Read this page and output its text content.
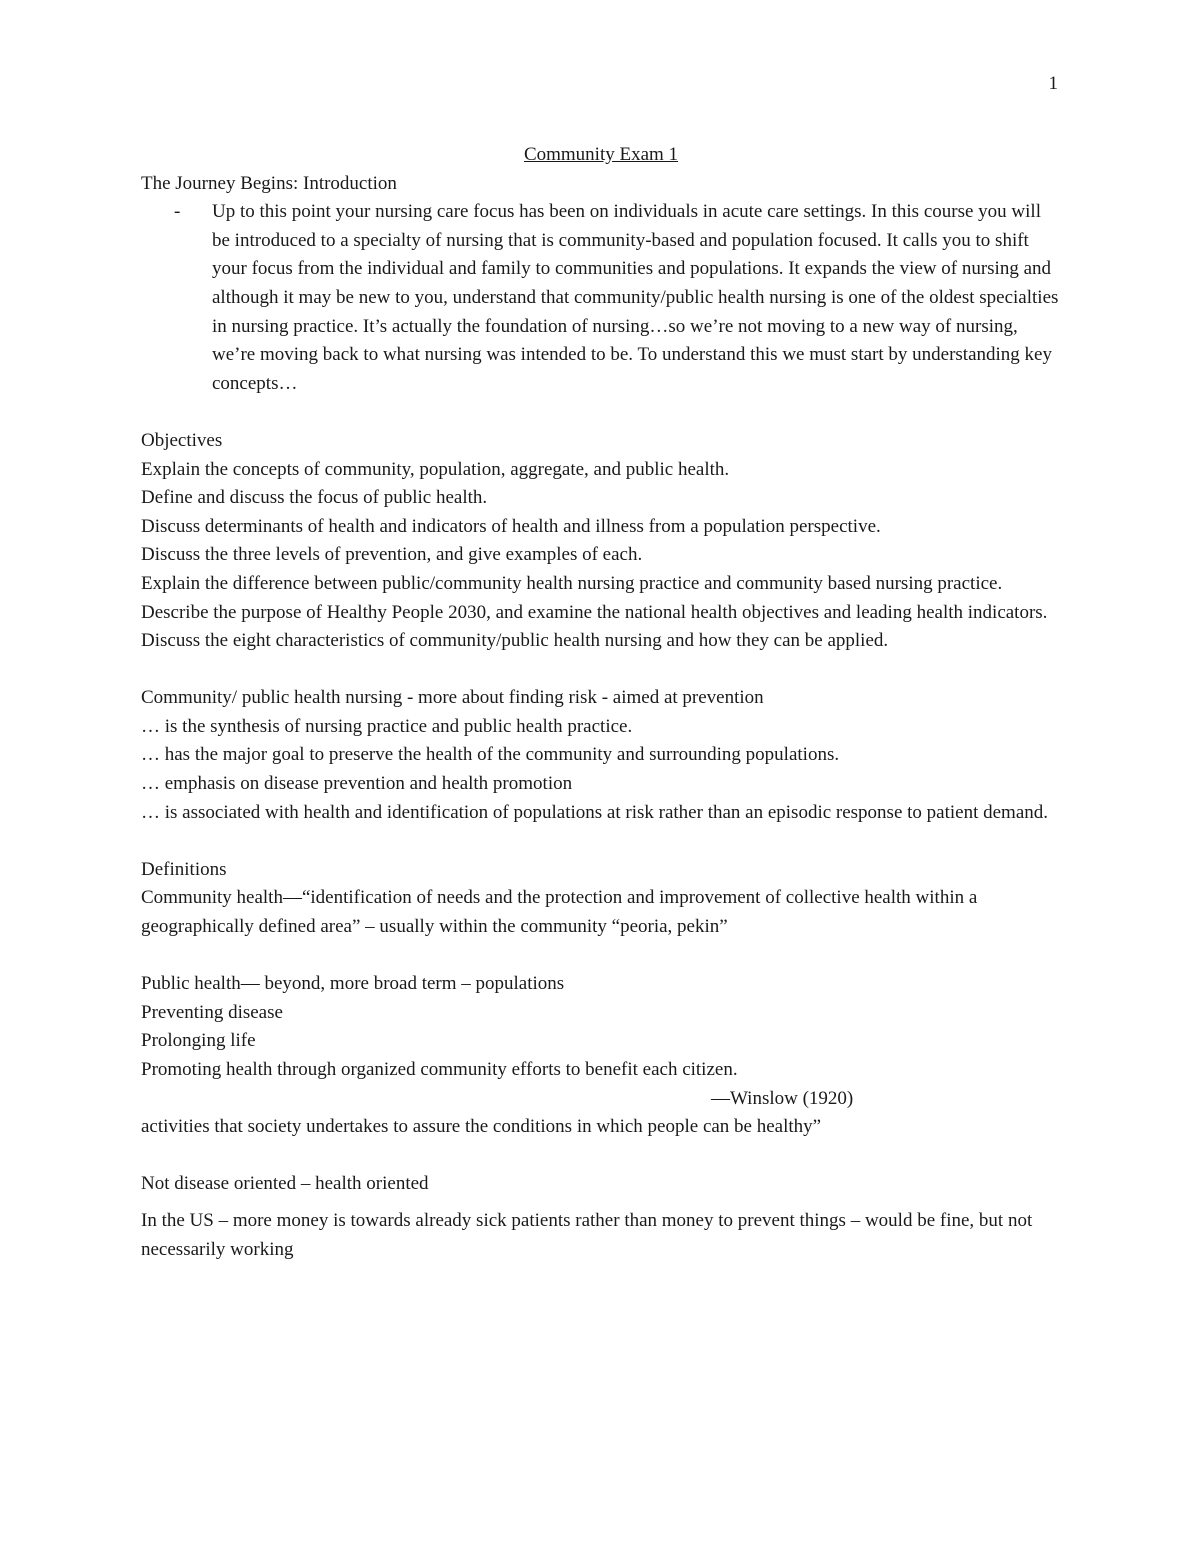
1
Community Exam 1
The Journey Begins: Introduction
-	Up to this point your nursing care focus has been on individuals in acute care settings. In this course you will be introduced to a specialty of nursing that is community-based and population focused. It calls you to shift your focus from the individual and family to communities and populations. It expands the view of nursing and although it may be new to you, understand that community/public health nursing is one of the oldest specialties in nursing practice. It’s actually the foundation of nursing…so we’re not moving to a new way of nursing, we’re moving back to what nursing was intended to be. To understand this we must start by understanding key concepts…
Objectives
Explain the concepts of community, population, aggregate, and public health.
Define and discuss the focus of public health.
Discuss determinants of health and indicators of health and illness from a population perspective.
Discuss the three levels of prevention, and give examples of each.
Explain the difference between public/community health nursing practice and community based nursing practice.
Describe the purpose of Healthy People 2030, and examine the national health objectives and leading health indicators.
Discuss the eight characteristics of community/public health nursing and how they can be applied.
Community/ public health nursing - more about finding risk - aimed at prevention
… is the synthesis of nursing practice and public health practice.
… has the major goal to preserve the health of the community and surrounding populations.
… emphasis on disease prevention and health promotion
… is associated with health and identification of populations at risk rather than an episodic response to patient demand.
Definitions
Community health—“identification of needs and the protection and improvement of collective health within a geographically defined area” – usually within the community “peoria, pekin”
Public health— beyond, more broad term – populations
Preventing disease
Prolonging life
Promoting health through organized community efforts to benefit each citizen.
—Winslow (1920)
activities that society undertakes to assure the conditions in which people can be healthy”
Not disease oriented – health oriented
In the US – more money is towards already sick patients rather than money to prevent things – would be fine, but not necessarily working
